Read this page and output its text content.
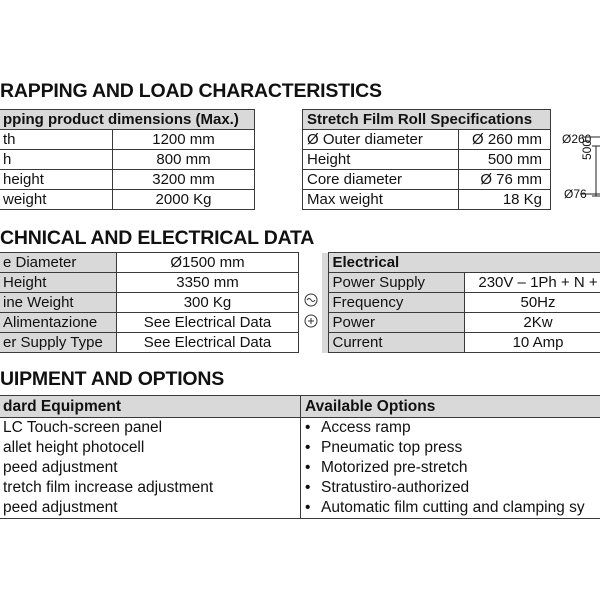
RAPPING AND LOAD CHARACTERISTICS
pping product dimensions (Max.)	
th	1200 mm
h	800 mm
height	3200 mm
weight	2000 Kg
Stretch Film Roll Specifications	
Ø Outer diameter	Ø 260 mm
Height	500 mm
Core diameter	Ø 76 mm
Max weight	18 Kg
Ø260
500
Ø76
CHNICAL AND ELECTRICAL DATA
e Diameter	Ø1500 mm
Height	3350 mm
ine Weight	300 Kg
Alimentazione	See Electrical Data
er Supply Type	See Electrical Data
	Electrical	
	Power Supply	230V – 1Ph + N +
	Frequency	50Hz
	Power	2Kw
	Current	10 Amp
UIPMENT AND OPTIONS
dard Equipment	Available Options
LC Touch-screen panel	• Access ramp
allet height photocell	• Pneumatic top press
peed adjustment	• Motorized pre-stretch
tretch film increase adjustment	• Stratustiro-authorized
peed adjustment	• Automatic film cutting and clamping sy
